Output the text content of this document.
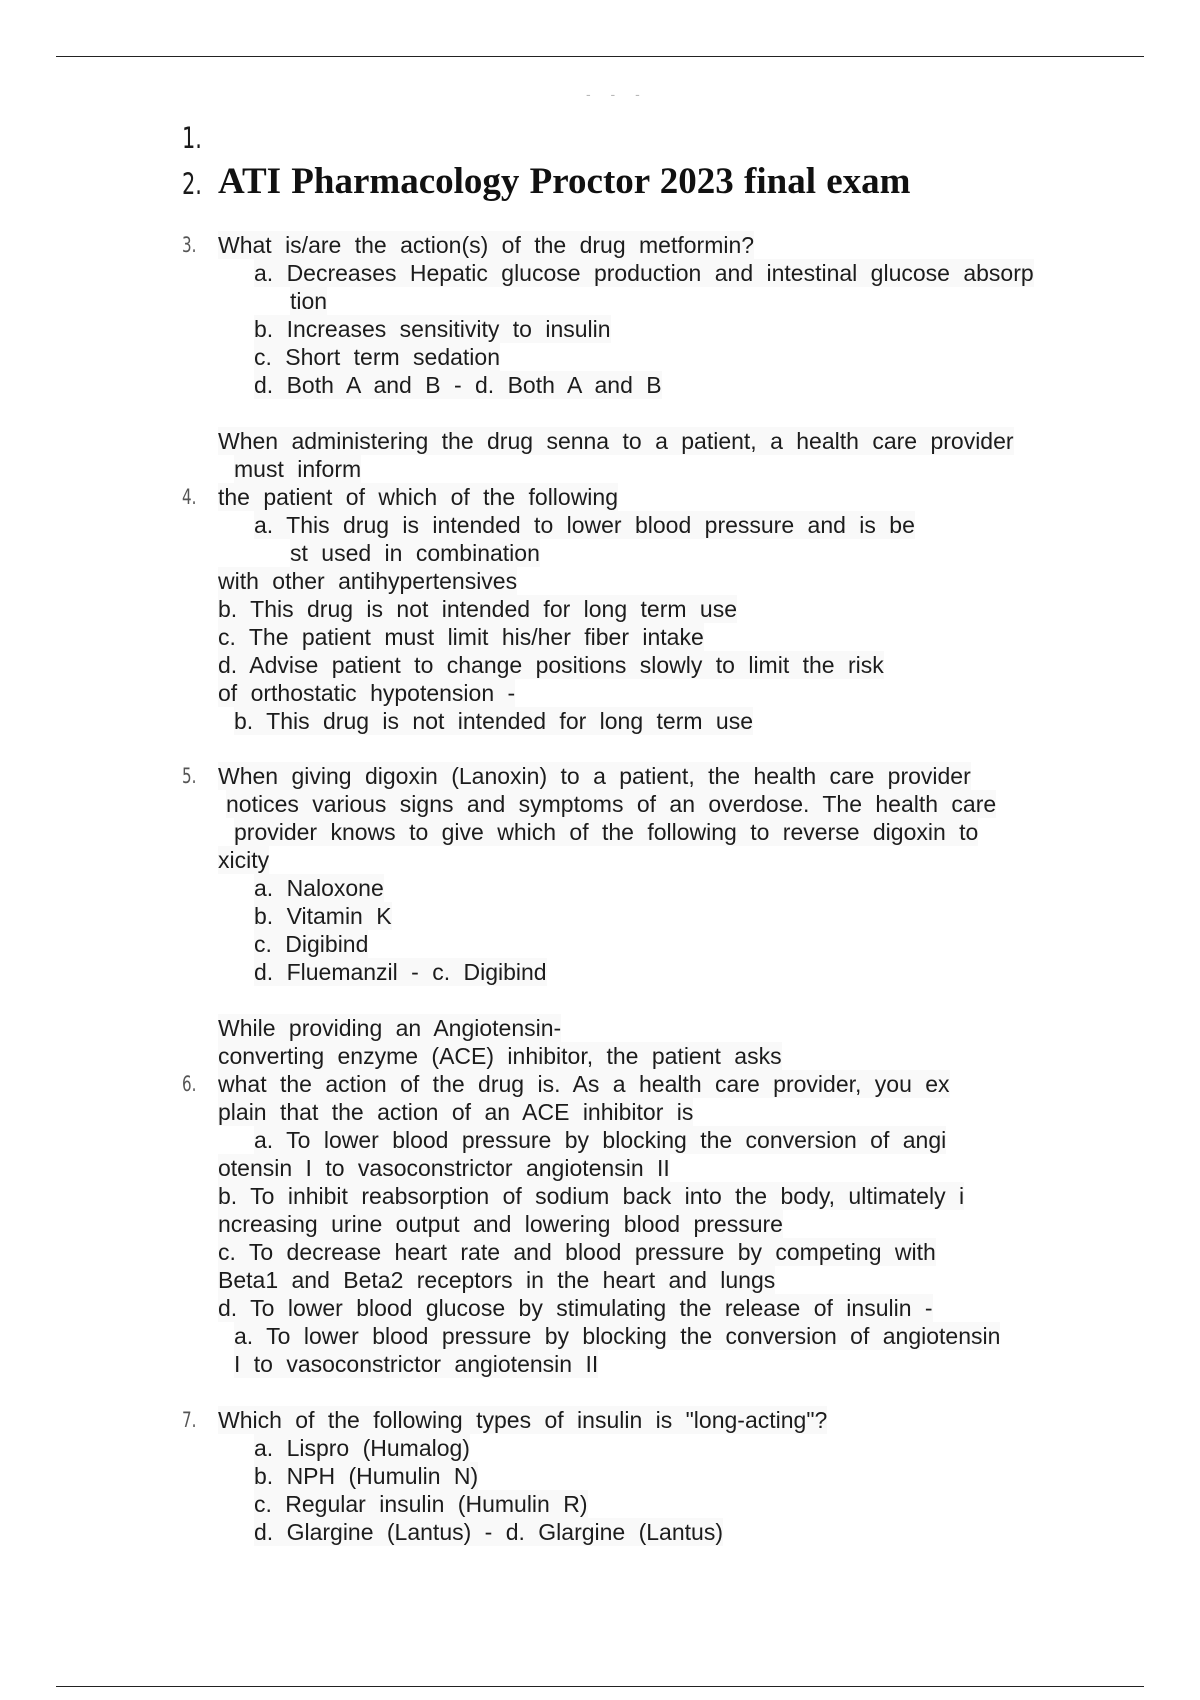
- - -
1.
2. ATI Pharmacology Proctor 2023 final exam
3. What is/are the action(s) of the drug metformin?
a. Decreases Hepatic glucose production and intestinal glucose absorp
tion
b. Increases sensitivity to insulin
c. Short term sedation
d. Both A and B - d. Both A and B
When administering the drug senna to a patient, a health care provider
must inform
4. the patient of which of the following
a. This drug is intended to lower blood pressure and is be
st used in combination
with other antihypertensives
b. This drug is not intended for long term use
c. The patient must limit his/her fiber intake
d. Advise patient to change positions slowly to limit the risk
of orthostatic hypotension -
b. This drug is not intended for long term use
5. When giving digoxin (Lanoxin) to a patient, the health care provider
notices various signs and symptoms of an overdose. The health care
provider knows to give which of the following to reverse digoxin to
xicity
a. Naloxone
b. Vitamin K
c. Digibind
d. Fluemanzil - c. Digibind
While providing an Angiotensin-
converting enzyme (ACE) inhibitor, the patient asks
6. what the action of the drug is. As a health care provider, you ex
plain that the action of an ACE inhibitor is
a. To lower blood pressure by blocking the conversion of angi
otensin I to vasoconstrictor angiotensin II
b. To inhibit reabsorption of sodium back into the body, ultimately i
ncreasing urine output and lowering blood pressure
c. To decrease heart rate and blood pressure by competing with
Beta1 and Beta2 receptors in the heart and lungs
d. To lower blood glucose by stimulating the release of insulin -
a. To lower blood pressure by blocking the conversion of angiotensin
I to vasoconstrictor angiotensin II
7. Which of the following types of insulin is "long-acting"?
a. Lispro (Humalog)
b. NPH (Humulin N)
c. Regular insulin (Humulin R)
d. Glargine (Lantus) - d. Glargine (Lantus)
